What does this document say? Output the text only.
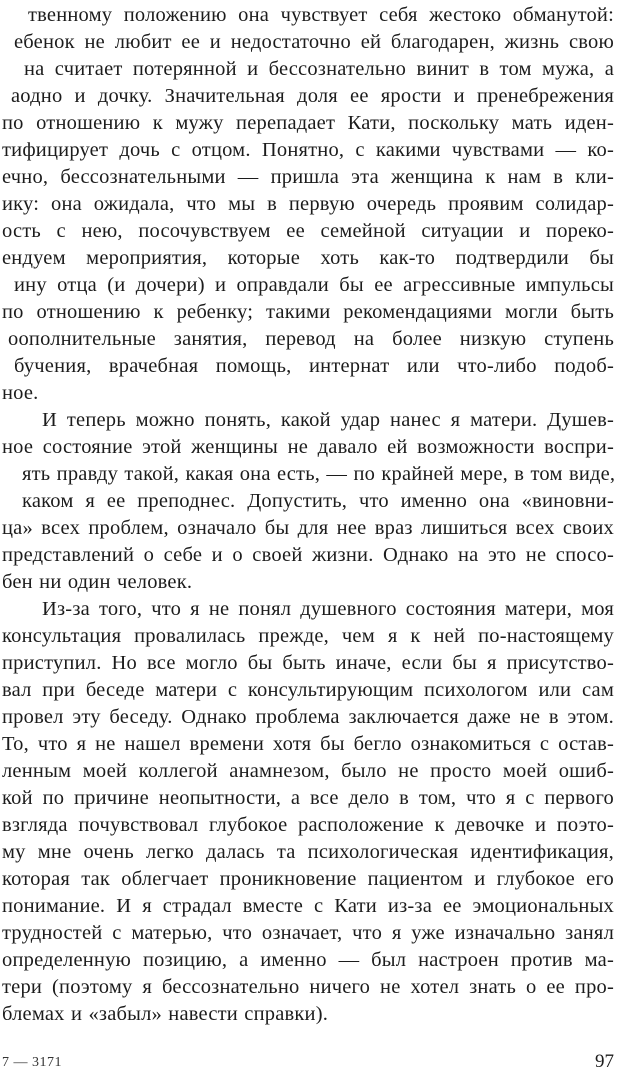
твенному положению она чувствует себя жестоко обманутой:
ебенок не любит ее и недостаточно ей благодарен, жизнь свою
на считает потерянной и бессознательно винит в том мужа, а
аодно и дочку. Значительная доля ее ярости и пренебрежения
по отношению к мужу перепадает Кати, поскольку мать иден-
тифицирует дочь с отцом. Понятно, с какими чувствами — ко-
ечно, бессознательными — пришла эта женщина к нам в кли-
ику: она ожидала, что мы в первую очередь проявим солидар-
ость с нею, посочувствуем ее семейной ситуации и пореко-
ендуем мероприятия, которые хоть как-то подтвердили бы
ину отца (и дочери) и оправдали бы ее агрессивные импульсы
по отношению к ребенку; такими рекомендациями могли быть
оополнительные занятия, перевод на более низкую ступень
бучения, врачебная помощь, интернат или что-либо подоб-
ное.
И теперь можно понять, какой удар нанес я матери. Душев-
ное состояние этой женщины не давало ей возможности воспри-
ять правду такой, какая она есть, — по крайней мере, в том виде,
каком я ее преподнес. Допустить, что именно она «виновни-
ца» всех проблем, означало бы для нее враз лишиться всех своих
представлений о себе и о своей жизни. Однако на это не спосо-
бен ни один человек.
Из-за того, что я не понял душевного состояния матери, моя
консультация провалилась прежде, чем я к ней по-настоящему
приступил. Но все могло бы быть иначе, если бы я присутство-
вал при беседе матери с консультирующим психологом или сам
провел эту беседу. Однако проблема заключается даже не в этом.
То, что я не нашел времени хотя бы бегло ознакомиться с остав-
ленным моей коллегой анамнезом, было не просто моей ошиб-
кой по причине неопытности, а все дело в том, что я с первого
взгляда почувствовал глубокое расположение к девочке и поэто-
му мне очень легко далась та психологическая идентификация,
которая так облегчает проникновение пациентом и глубокое его
понимание. И я страдал вместе с Кати из-за ее эмоциональных
трудностей с матерью, что означает, что я уже изначально занял
определенную позицию, а именно — был настроен против ма-
тери (поэтому я бессознательно ничего не хотел знать о ее про-
блемах и «забыл» навести справки).
7 — 3171	97
